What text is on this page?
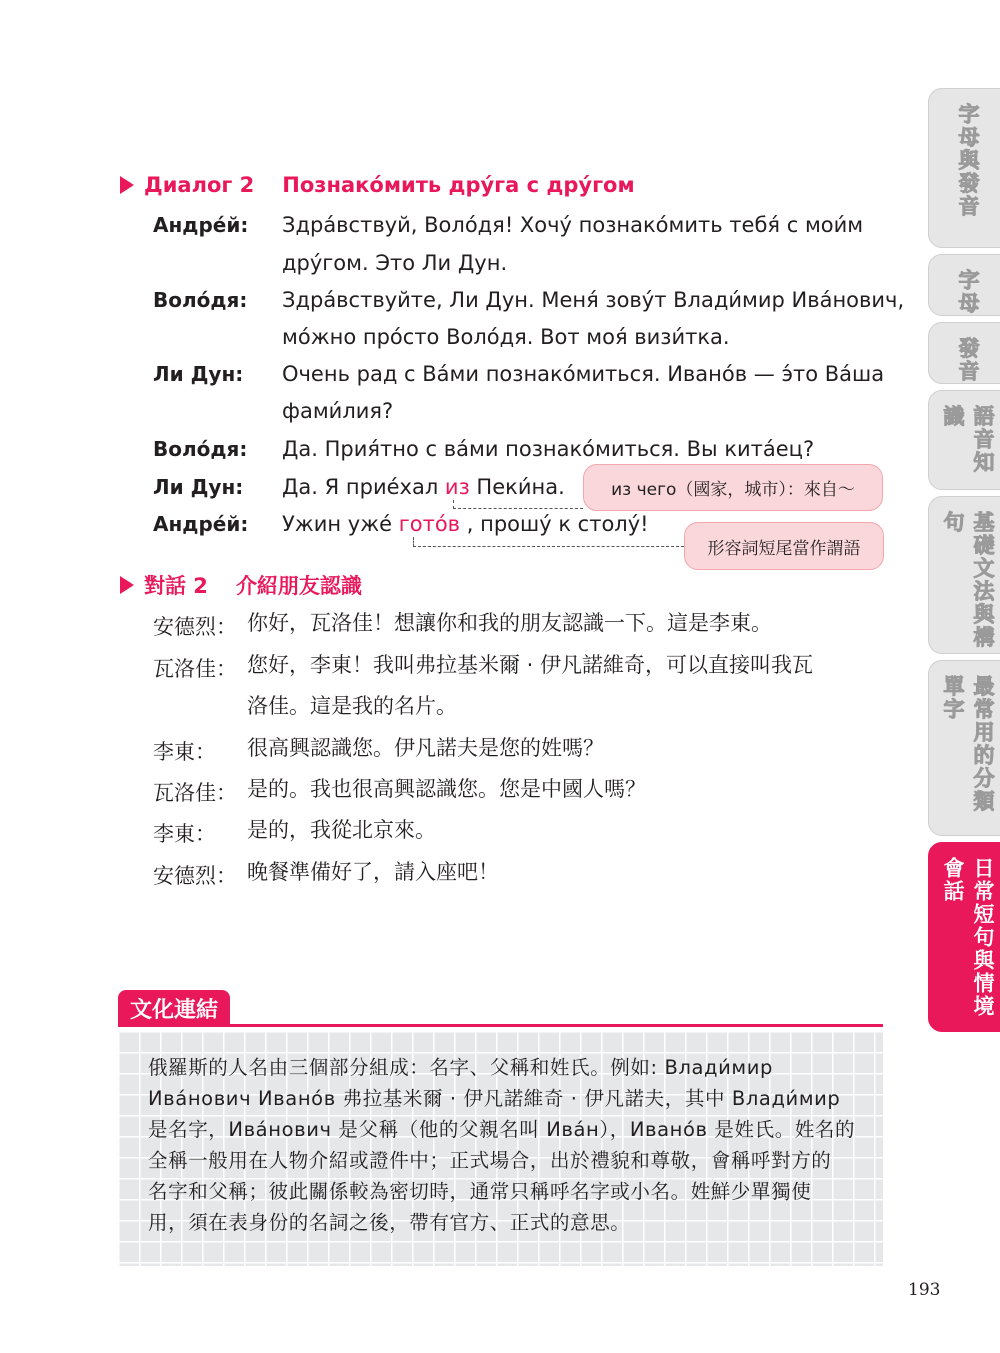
Диалог 2 Познако́мить дру́га с дру́гом
Андре́й: Здра́вствуй, Воло́дя! Хочу́ познако́мить тебя́ с мои́м
дру́гом. Это Ли Дун.
Воло́дя: Здра́вствуйте, Ли Дун. Меня́ зову́т Влади́мир Ива́нович,
мо́жно про́сто Воло́дя. Вот моя́ визи́тка.
Ли Дун: Очень рад с Ва́ми познако́миться. Ивано́в — э́то Ва́ша
фами́лия?
Воло́дя: Да. Прия́тно с ва́ми познако́миться. Вы кита́ец?
Ли Дун: Да. Я прие́хал из Пеки́на.
Андре́й: Ужин уже́ гото́в , прошу́ к столу́!
из чего（國家，城市）：來自～
形容詞短尾當作謂語
對話 2 介紹朋友認識
安德烈： 你好，瓦洛佳！想讓你和我的朋友認識一下。這是李東。
瓦洛佳： 您好，李東！我叫弗拉基米爾 · 伊凡諾維奇，可以直接叫我瓦
洛佳。這是我的名片。
李東： 很高興認識您。伊凡諾夫是您的姓嗎？
瓦洛佳： 是的。我也很高興認識您。您是中國人嗎？
李東： 是的，我從北京來。
安德烈： 晚餐準備好了，請入座吧！
文化連結

俄羅斯的人名由三個部分組成：名字、父稱和姓氏。例如: Влади́мир

Ива́нович Ивано́в 弗拉基米爾 · 伊凡諾維奇 · 伊凡諾夫，其中 Влади́мир

是名字，Ива́нович 是父稱（他的父親名叫 Ива́н），Ивано́в 是姓氏。姓名的

全稱一般用在人物介紹或證件中；正式場合，出於禮貌和尊敬，會稱呼對方的

名字和父稱；彼此關係較為密切時，通常只稱呼名字或小名。姓鮮少單獨使

用，須在表身份的名詞之後，帶有官方、正式的意思。

字母與發音
字母
發音
語音知識
基礎文法與構句
最常用的分類單字
日常短句與情境會話
193
